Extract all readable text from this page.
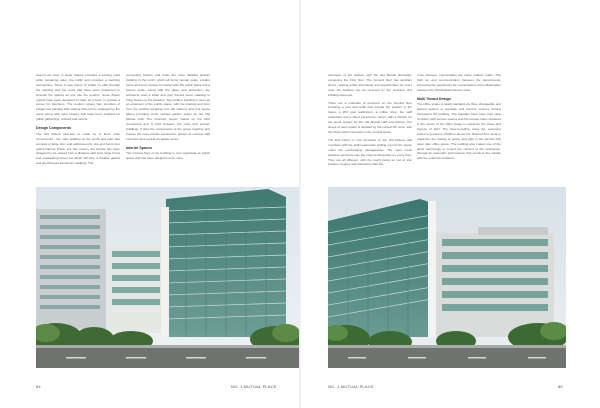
around the amp. A water feature provides a cooling relief while remaining quiet, the traffic and provides a soothing atmosphere. There is also plenty of shade on offer through the planting and the roofs that have been positioned to channel the spaces as one into the podium. Some fifteen outlets have been designed to cater as a food, or provide a venue for functions. The podium space has provides of indigenous planting with seating that can be arranged by the users along with open spaces that have been enabled for public gatherings, artwork and events.

Design Components

The Old Mutual structure is made up of three main components - the main building on the south and east side consists of large form and addresses the site and forms four grand Flaneur Plaza. For this reason, the facade has been designed to be viewed from a distance with bold, large forms and outstanding views out which will form a durable glazed and lined framed aluminium cladding. The

connecting podium and holds the more detailed podium building in the north, which all forms human scale, smaller forms and more texture to interact with the public plaza and a human scale. Along with the glass and aluminium, the architects used a white and grey framed stone cladding to bring texture to the facades. The podium building is seen as an extension of the public space, with the planting and form from the podium stepping onto the balcony and roof space above providing much needed garden space for the Old Mutual staff. The structure proper makes up the third component and is held between the main and podium buildings. It links the components of the space together and houses the more private experience, spaces to connect staff members and central circulation cores.

Interior Spaces

The Ground floor of the building is now organised as public space and has been designed to be more

84	NO. 1 MUTUAL PLACE

extension of the podium with the Old Mutual Reception occupying the First floor. The Ground floor has ancillary shops, seating public thresholds and opportunities for users once the building can be reversed by the structure and building elements.

There are a multitude of functions on the Ground floor including a part and retail that include the podium in the future, a 200 seat auditorium, a coffee shop, the staff restaurant and a client experience center, with a kitchen for the areas spaces for the Old Mutual staff and visitors. The shape of each space is dictated by the central OF cone, with the Client Atrium focused on the central space.

The Exit Atrium is now focussed on the Old Mutual staff members with the staff restaurants spilling out into the space under the overhanging passageways. The open mesh between elements was the main working idea on every floor. They are all different, with the touch being an 'out of site' between spaces and interaction with the

more discover, conversation the entire outdoor realm. This both an and communication between the departments, improving the opportunity for conversations and collaboration between the Old Mutual business units.

Multi Tenant Design

The office space is totally standard via three changeable and shared spaces of separate and thermic sources flowing throughout the building. The Facades have been kept clear of clutter, with service spaces and fire escape stairs clustered in the centre of the office range to maximize the views and ingress of light. The floor-to-ceiling using the extension raised a generous 2700mm above the finished floor level to maximize the feeling of space and light in the almost fully open plan office space. The building also makes use of the latest technology to control the comfort of the workspace, through an automatic performance that monitors the outside with the external conditions.

NO. 1 MUTUAL PLACE	85
